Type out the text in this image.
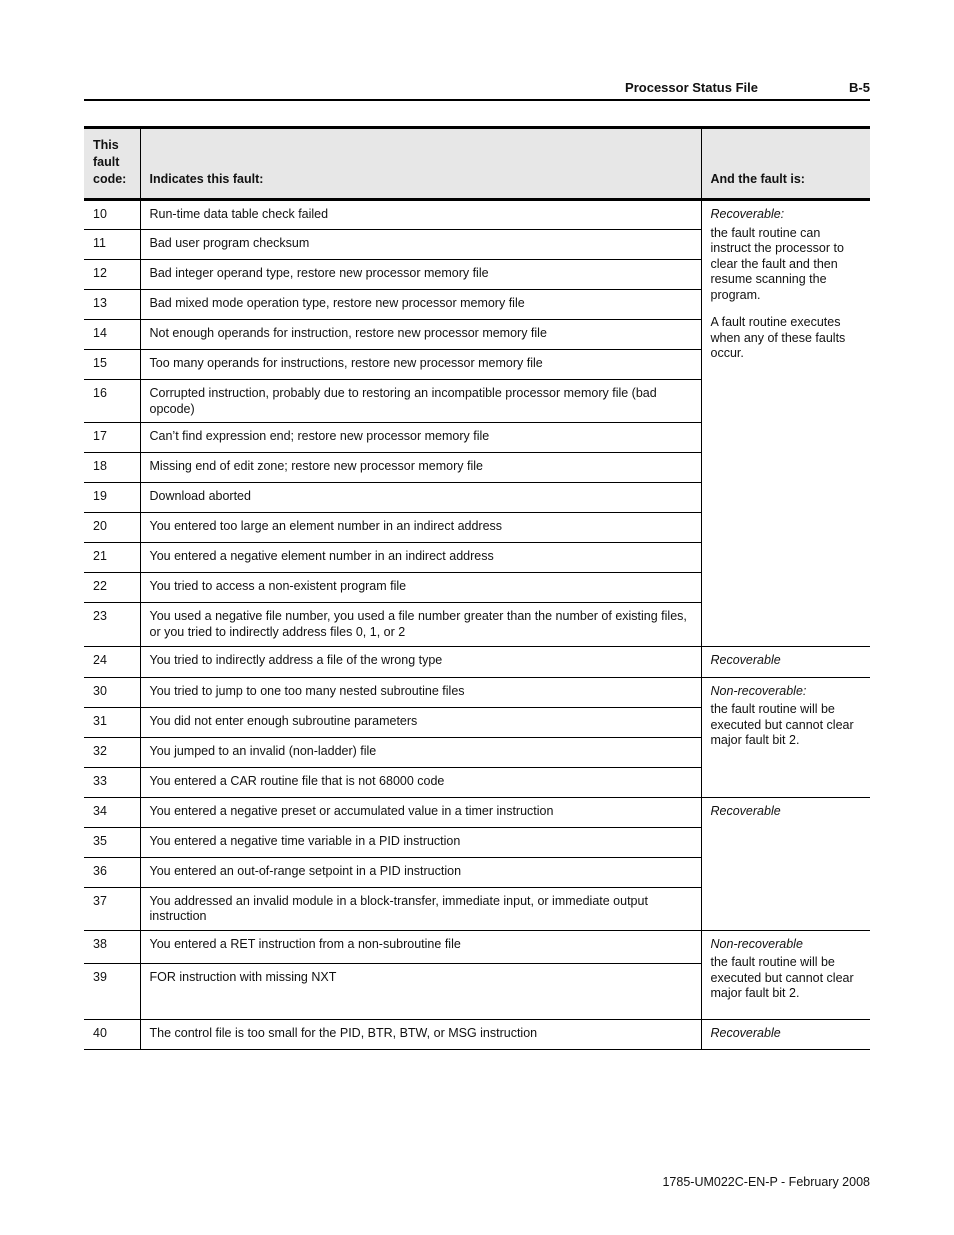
Processor Status File	B-5
This fault code:	Indicates this fault:	And the fault is:
10	Run-time data table check failed	Recoverable:
the fault routine can instruct the processor to clear the fault and then resume scanning the program.
A fault routine executes when any of these faults occur.

11	Bad user program checksum	
12	Bad integer operand type, restore new processor memory file	
13	Bad mixed mode operation type, restore new processor memory file	
14	Not enough operands for instruction, restore new processor memory file	
15	Too many operands for instructions, restore new processor memory file	
16	Corrupted instruction, probably due to restoring an incompatible processor memory file (bad opcode)	
17	Can’t find expression end; restore new processor memory file	
18	Missing end of edit zone; restore new processor memory file	
19	Download aborted	
20	You entered too large an element number in an indirect address	
21	You entered a negative element number in an indirect address	
22	You tried to access a non-existent program file	
23	You used a negative file number, you used a file number greater than the number of existing files, or you tried to indirectly address files 0, 1, or 2	
24	You tried to indirectly address a file of the wrong type	Recoverable

30	You tried to jump to one too many nested subroutine files	Non-recoverable:
the fault routine will be executed but cannot clear major fault bit 2.

31	You did not enter enough subroutine parameters	
32	You jumped to an invalid (non-ladder) file	
33	You entered a CAR routine file that is not 68000 code	
34	You entered a negative preset or accumulated value in a timer instruction	Recoverable

35	You entered a negative time variable in a PID instruction	
36	You entered an out-of-range setpoint in a PID instruction	
37	You addressed an invalid module in a block-transfer, immediate input, or immediate output instruction	
38	You entered a RET instruction from a non-subroutine file	Non-recoverable
the fault routine will be executed but cannot clear major fault bit 2.

39	FOR instruction with missing NXT	
40	The control file is too small for the PID, BTR, BTW, or MSG instruction	Recoverable
1785-UM022C-EN-P - February 2008
